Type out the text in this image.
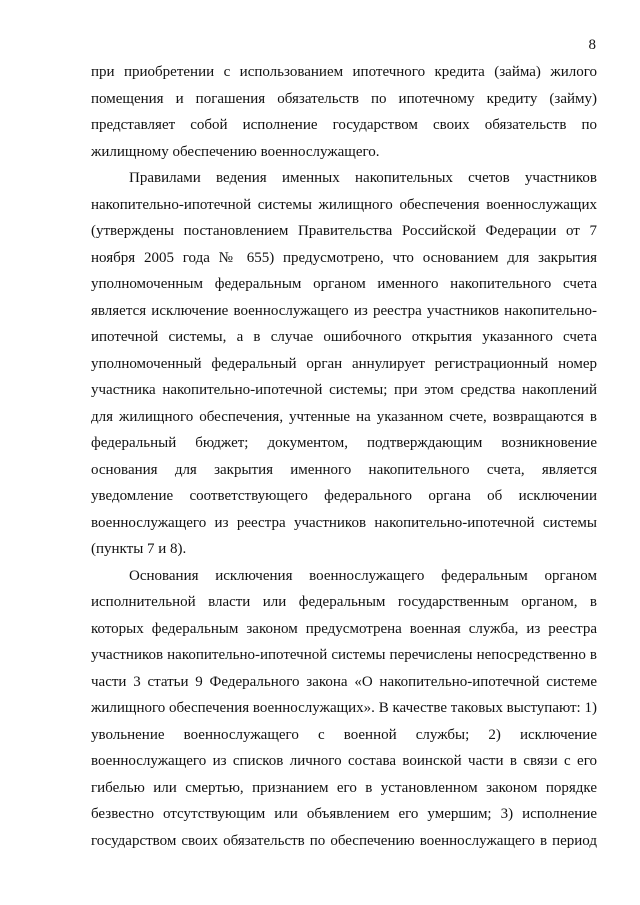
8

при приобретении с использованием ипотечного кредита (займа) жилого
помещения и погашения обязательств по ипотечному кредиту (займу)
представляет собой исполнение государством своих обязательств по
жилищному обеспечению военнослужащего.

Правилами ведения именных накопительных счетов участников
накопительно-ипотечной системы жилищного обеспечения военнослужащих
(утверждены постановлением Правительства Российской Федерации от 7
ноября 2005 года № 655) предусмотрено, что основанием для закрытия
уполномоченным федеральным органом именного накопительного счета
является исключение военнослужащего из реестра участников накопительно-
ипотечной системы, а в случае ошибочного открытия указанного счета
уполномоченный федеральный орган аннулирует регистрационный номер
участника накопительно-ипотечной системы; при этом средства накоплений
для жилищного обеспечения, учтенные на указанном счете, возвращаются в
федеральный бюджет; документом, подтверждающим возникновение
основания для закрытия именного накопительного счета, является
уведомление соответствующего федерального органа об исключении
военнослужащего из реестра участников накопительно-ипотечной системы
(пункты 7 и 8).

Основания исключения военнослужащего федеральным органом
исполнительной власти или федеральным государственным органом, в
которых федеральным законом предусмотрена военная служба, из реестра
участников накопительно-ипотечной системы перечислены непосредственно в
части 3 статьи 9 Федерального закона «О накопительно-ипотечной системе
жилищного обеспечения военнослужащих». В качестве таковых выступают: 1)
увольнение военнослужащего с военной службы; 2) исключение
военнослужащего из списков личного состава воинской части в связи с его
гибелью или смертью, признанием его в установленном законом порядке
безвестно отсутствующим или объявлением его умершим; 3) исполнение
государством своих обязательств по обеспечению военнослужащего в период
